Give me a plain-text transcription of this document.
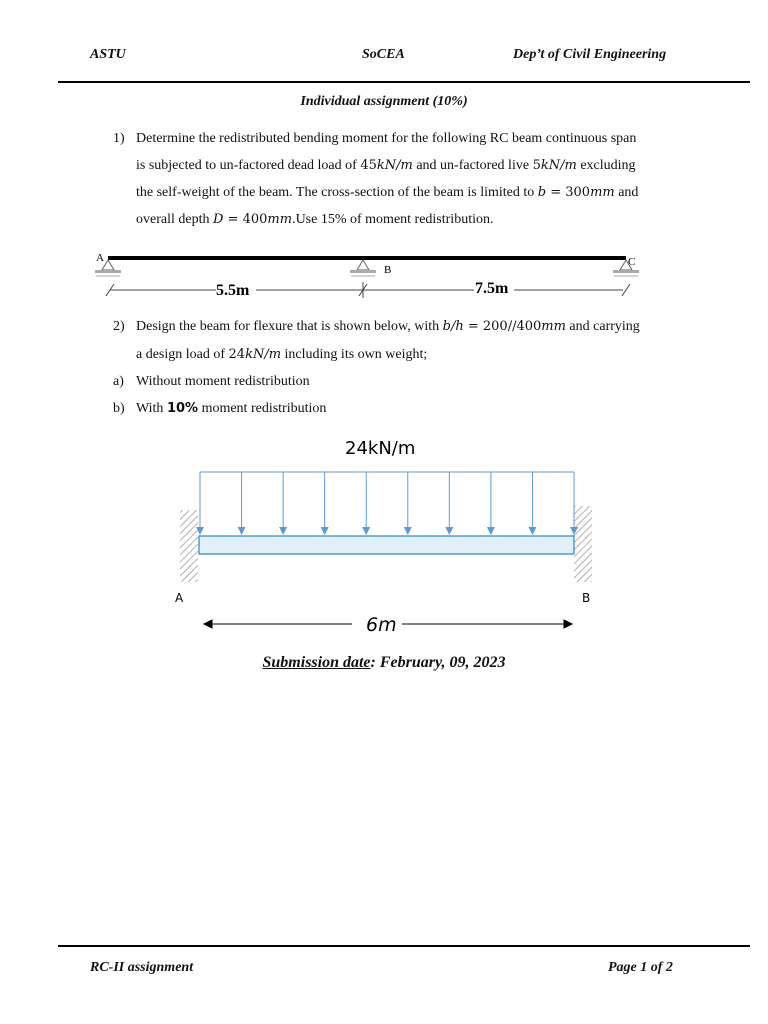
ASTU	SoCEA	Dep’t of Civil Engineering
Individual assignment (10%)
1) Determine the redistributed bending moment for the following RC beam continuous span
is subjected to un-factored dead load of 45kN/m and un-factored live 5kN/m excluding
the self-weight of the beam. The cross-section of the beam is limited to b = 300mm and
overall depth D = 400mm.Use 15% of moment redistribution.
A
B
C
5.5m	7.5m
2) Design the beam for flexure that is shown below, with b/h = 200//400mm and carrying
a design load of 24kN/m including its own weight;
a) Without moment redistribution
b) With 10% moment redistribution
24kN/m
A	B
6m
Submission date: February, 09, 2023
RC-II assignment	Page 1 of 2
